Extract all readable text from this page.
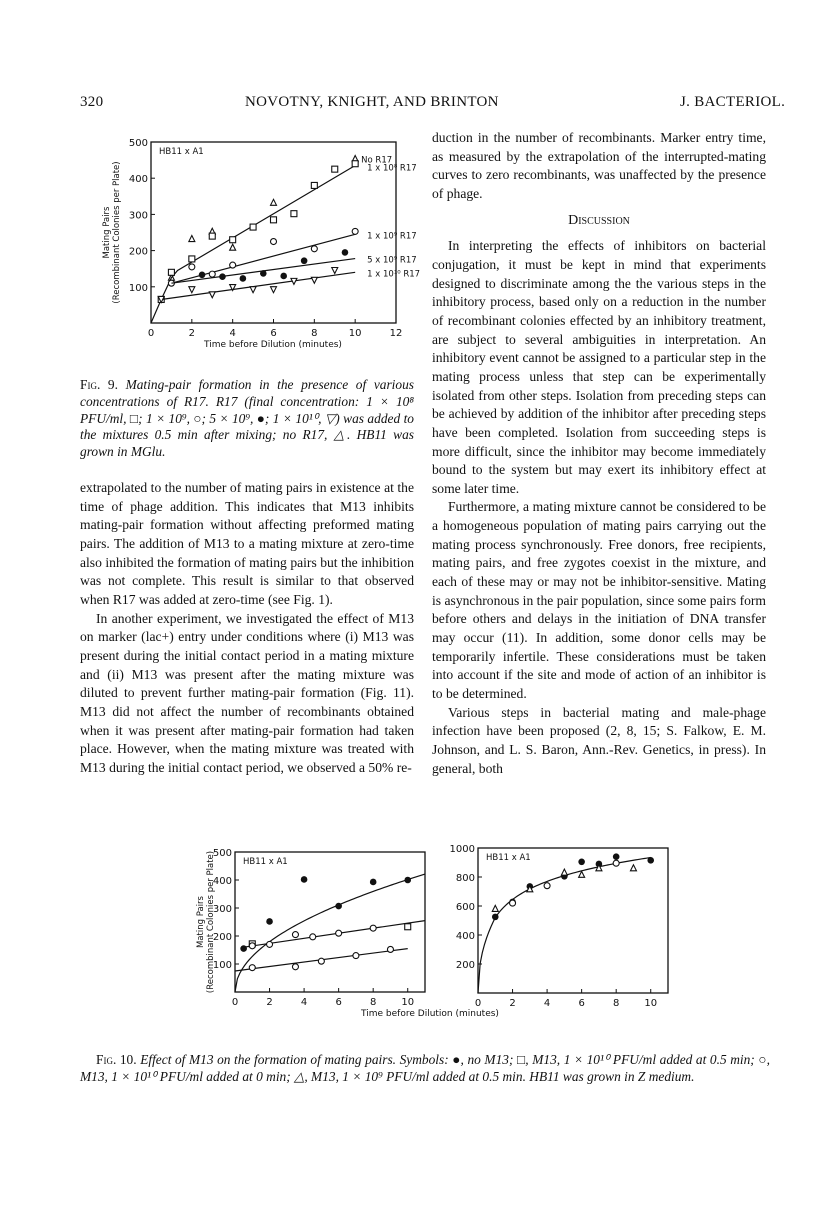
320	NOVOTNY, KNIGHT, AND BRINTON	J. BACTERIOL.
0	2	4	6	8	10	12
100
200
300
400
500
HB11 x A1
Mating Pairs (Recombinant Colonies per Plate)
Time before Dilution (minutes)
No R17
1 x 10⁸ R17
1 x 10⁹ R17
5 x 10⁹ R17
1 x 10¹⁰ R17
Fig. 9. Mating-pair formation in the presence of various concentrations of R17. R17 (final concentration: 1 × 10⁸ PFU/ml, □; 1 × 10⁹, ○; 5 × 10⁹, ●; 1 × 10¹⁰, ▽) was added to the mixtures 0.5 min after mixing; no R17, △. HB11 was grown in MGlu.

extrapolated to the number of mating pairs in existence at the time of phage addition. This indicates that M13 inhibits mating-pair formation without affecting preformed mating pairs. The addition of M13 to a mating mixture at zero-time also inhibited the formation of mating pairs but the inhibition was not complete. This result is similar to that observed when R17 was added at zero-time (see Fig. 1).

In another experiment, we investigated the effect of M13 on marker (lac+) entry under conditions where (i) M13 was present during the initial contact period in a mating mixture and (ii) M13 was present after the mating mixture was diluted to prevent further mating-pair formation (Fig. 11). M13 did not affect the number of recombinants obtained when it was present after mating-pair formation had taken place. However, when the mating mixture was treated with M13 during the initial contact period, we observed a 50% re-

duction in the number of recombinants. Marker entry time, as measured by the extrapolation of the interrupted-mating curves to zero recombinants, was unaffected by the presence of phage.

Discussion

In interpreting the effects of inhibitors on bacterial conjugation, it must be kept in mind that experiments designed to discriminate among the the various steps in the inhibitory process, based only on a reduction in the number of recombinant colonies effected by an inhibitory treatment, are subject to several ambiguities in interpretation. An inhibitory event cannot be assigned to a particular step in the mating process unless that step can be experimentally isolated from other steps. Isolation from preceding steps can be achieved by addition of the inhibitor after preceding steps have been completed. Isolation from succeeding steps is more difficult, since the inhibitor may become immediately bound to the system but may exert its inhibitory effect at some later time.

Furthermore, a mating mixture cannot be considered to be a homogeneous population of mating pairs carrying out the mating process synchronously. Free donors, free recipients, mating pairs, and free zygotes coexist in the mixture, and each of these may or may not be inhibitor-sensitive. Mating is asynchronous in the pair population, since some pairs form before others and delays in the initiation of DNA transfer may occur (11). In addition, some donor cells may be temporarily infertile. These considerations must be taken into account if the site and mode of action of an inhibitor is to be determined.

Various steps in bacterial mating and male-phage infection have been proposed (2, 8, 15; S. Falkow, E. M. Johnson, and L. S. Baron, Ann.-Rev. Genetics, in press). In general, both

0	2	4	6	8 10
100
200
300
400
500
HB11 x A1
Mating Pairs (Recombinant Colonies per Plate)
Time before Dilution (minutes)
0	2	4	6	8 10
200
400
600
800
1000
HB11 x A1
Fig. 10. Effect of M13 on the formation of mating pairs. Symbols: ●, no M13; □, M13, 1 × 10¹⁰ PFU/ml added at 0.5 min; ○, M13, 1 × 10¹⁰ PFU/ml added at 0 min; △, M13, 1 × 10⁹ PFU/ml added at 0.5 min. HB11 was grown in Z medium.
